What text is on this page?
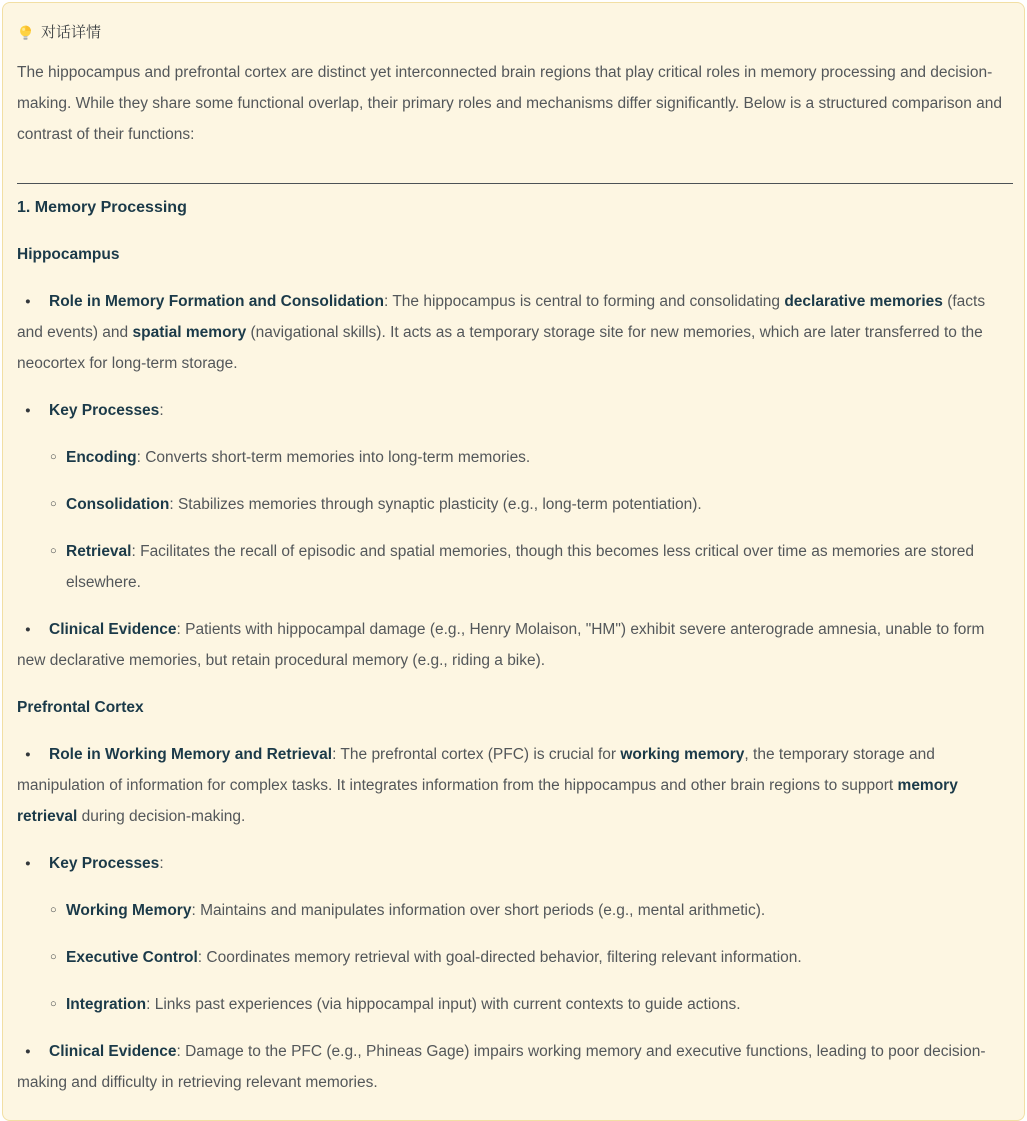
对话详情

The hippocampus and prefrontal cortex are distinct yet interconnected brain regions that play critical roles in memory processing and decision-making. While they share some functional overlap, their primary roles and mechanisms differ significantly. Below is a structured comparison and contrast of their functions:

1. Memory Processing
Hippocampus
● Role in Memory Formation and Consolidation: The hippocampus is central to forming and consolidating declarative memories (facts and events) and spatial memory (navigational skills). It acts as a temporary storage site for new memories, which are later transferred to the neocortex for long-term storage.
● Key Processes:
○ Encoding: Converts short-term memories into long-term memories.
○ Consolidation: Stabilizes memories through synaptic plasticity (e.g., long-term potentiation).
○ Retrieval: Facilitates the recall of episodic and spatial memories, though this becomes less critical over time as memories are stored elsewhere.
● Clinical Evidence: Patients with hippocampal damage (e.g., Henry Molaison, "HM") exhibit severe anterograde amnesia, unable to form new declarative memories, but retain procedural memory (e.g., riding a bike).
Prefrontal Cortex
● Role in Working Memory and Retrieval: The prefrontal cortex (PFC) is crucial for working memory, the temporary storage and manipulation of information for complex tasks. It integrates information from the hippocampus and other brain regions to support memory retrieval during decision-making.
● Key Processes:
○ Working Memory: Maintains and manipulates information over short periods (e.g., mental arithmetic).
○ Executive Control: Coordinates memory retrieval with goal-directed behavior, filtering relevant information.
○ Integration: Links past experiences (via hippocampal input) with current contexts to guide actions.
● Clinical Evidence: Damage to the PFC (e.g., Phineas Gage) impairs working memory and executive functions, leading to poor decision-making and difficulty in retrieving relevant memories.
